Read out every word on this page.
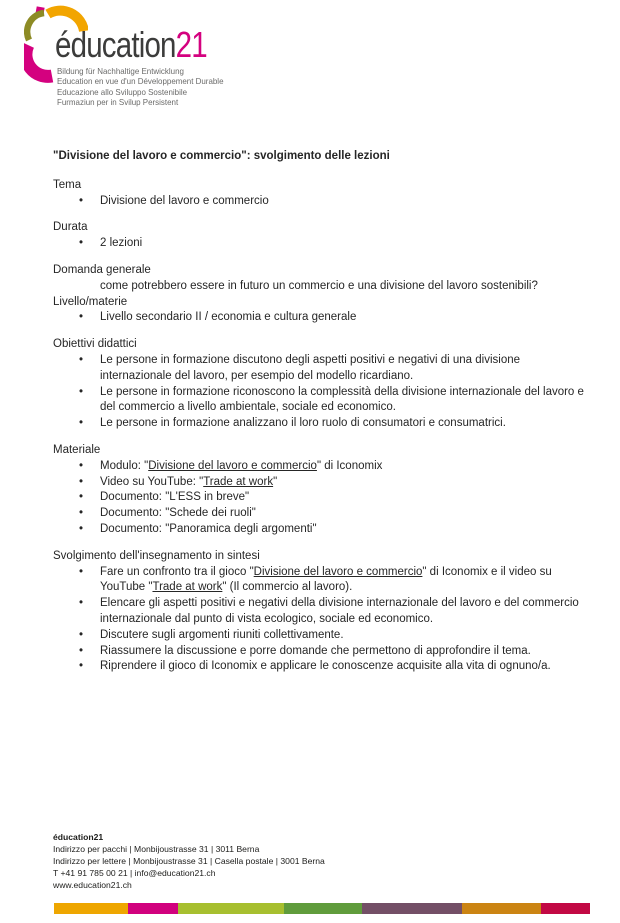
éducation21
Bildung für Nachhaltige Entwicklung
Education en vue d'un Développement Durable
Educazione allo Sviluppo Sostenibile
Furmaziun per in Svilup Persistent
"Divisione del lavoro e commercio": svolgimento delle lezioni
Tema
• Divisione del lavoro e commercio
Durata
• 2 lezioni
Domanda generale
come potrebbero essere in futuro un commercio e una divisione del lavoro sostenibili?
Livello/materie
• Livello secondario II / economia e cultura generale
Obiettivi didattici
• Le persone in formazione discutono degli aspetti positivi e negativi di una divisione internazionale del lavoro, per esempio del modello ricardiano.
• Le persone in formazione riconoscono la complessità della divisione internazionale del lavoro e del commercio a livello ambientale, sociale ed economico.
• Le persone in formazione analizzano il loro ruolo di consumatori e consumatrici.
Materiale
• Modulo: "Divisione del lavoro e commercio" di Iconomix
• Video su YouTube: "Trade at work"
• Documento: "L'ESS in breve"
• Documento: "Schede dei ruoli"
• Documento: "Panoramica degli argomenti"
Svolgimento dell'insegnamento in sintesi
• Fare un confronto tra il gioco "Divisione del lavoro e commercio" di Iconomix e il video su YouTube "Trade at work" (Il commercio al lavoro).
• Elencare gli aspetti positivi e negativi della divisione internazionale del lavoro e del commercio internazionale dal punto di vista ecologico, sociale ed economico.
• Discutere sugli argomenti riuniti collettivamente.
• Riassumere la discussione e porre domande che permettono di approfondire il tema.
• Riprendere il gioco di Iconomix e applicare le conoscenze acquisite alla vita di ognuno/a.
éducation21
Indirizzo per pacchi | Monbijoustrasse 31 | 3011 Berna
Indirizzo per lettere | Monbijoustrasse 31 | Casella postale | 3001 Berna
T +41 91 785 00 21 | info@education21.ch
www.education21.ch
